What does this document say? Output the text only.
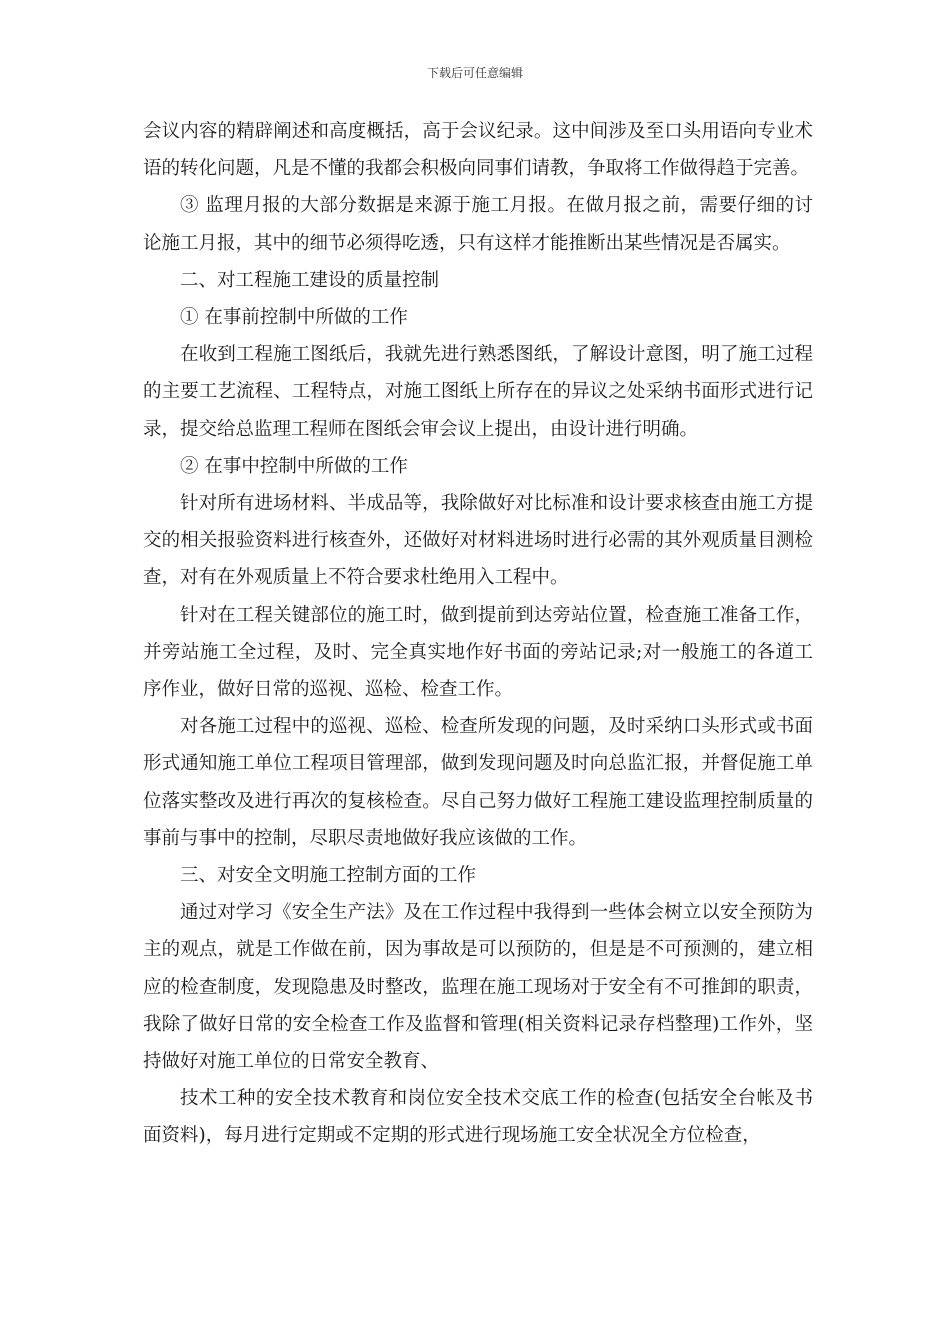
下载后可任意编辑

会议内容的精辟阐述和高度概括，高于会议纪录。这中间涉及至口头用语向专业术语的转化问题，凡是不懂的我都会积极向同事们请教，争取将工作做得趋于完善。

③ 监理月报的大部分数据是来源于施工月报。在做月报之前，需要仔细的讨论施工月报，其中的细节必须得吃透，只有这样才能推断出某些情况是否属实。

二、对工程施工建设的质量控制

① 在事前控制中所做的工作

在收到工程施工图纸后，我就先进行熟悉图纸，了解设计意图，明了施工过程的主要工艺流程、工程特点，对施工图纸上所存在的异议之处采纳书面形式进行记录，提交给总监理工程师在图纸会审会议上提出，由设计进行明确。

② 在事中控制中所做的工作

针对所有进场材料、半成品等，我除做好对比标准和设计要求核查由施工方提交的相关报验资料进行核查外，还做好对材料进场时进行必需的其外观质量目测检查，对有在外观质量上不符合要求杜绝用入工程中。

针对在工程关键部位的施工时，做到提前到达旁站位置，检查施工准备工作，并旁站施工全过程，及时、完全真实地作好书面的旁站记录;对一般施工的各道工序作业，做好日常的巡视、巡检、检查工作。

对各施工过程中的巡视、巡检、检查所发现的问题，及时采纳口头形式或书面形式通知施工单位工程项目管理部，做到发现问题及时向总监汇报，并督促施工单位落实整改及进行再次的复核检查。尽自己努力做好工程施工建设监理控制质量的事前与事中的控制，尽职尽责地做好我应该做的工作。

三、对安全文明施工控制方面的工作

通过对学习《安全生产法》及在工作过程中我得到一些体会树立以安全预防为主的观点，就是工作做在前，因为事故是可以预防的，但是是不可预测的，建立相应的检查制度，发现隐患及时整改，监理在施工现场对于安全有不可推卸的职责，我除了做好日常的安全检查工作及监督和管理(相关资料记录存档整理)工作外，坚持做好对施工单位的日常安全教育、

技术工种的安全技术教育和岗位安全技术交底工作的检查(包括安全台帐及书面资料)，每月进行定期或不定期的形式进行现场施工安全状况全方位检查，
